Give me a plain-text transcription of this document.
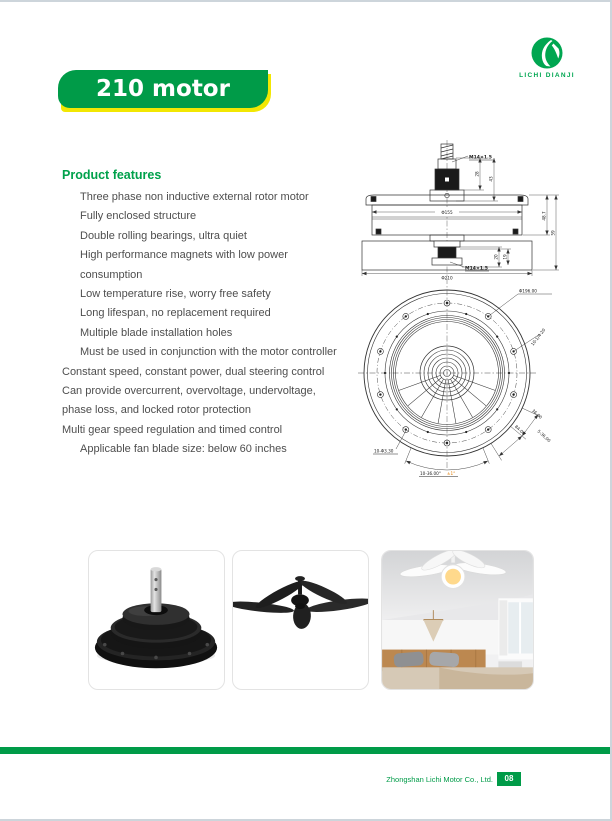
LICHI DIANJI
210 motor
Product features
Three phase non inductive external rotor motor
Fully enclosed structure
Double rolling bearings, ultra quiet
High performance magnets with low power
consumption
Low temperature rise, worry free safety
Long lifespan, no replacement required
Multiple blade installation holes
Must be used in conjunction with the motor controller
Constant speed, constant power, dual steering control
Can provide overcurrent, overvoltage, undervoltage,
phase loss, and locked rotor protection
Multi gear speed regulation and timed control
Applicable fan blade size: below 60 inches
M14×1.5
28
43
Φ155
M14×1.5
20 19
Φ210
48.7
59
Φ196.00
10-1/4-20
36.00
84.00 5-36.00
10-Φ3.30
10-36.00° ±1°
Zhongshan Lichi Motor Co., Ltd.	08
